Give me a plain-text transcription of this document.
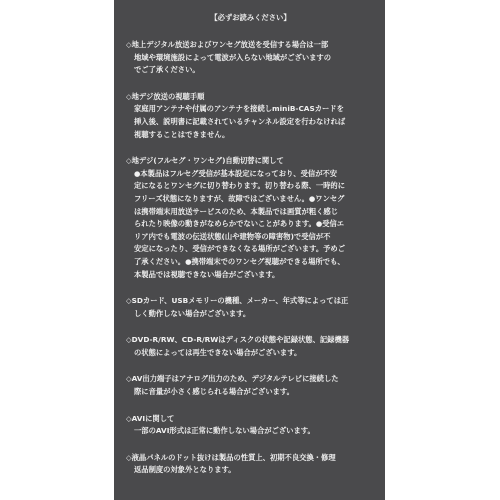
【必ずお読みください】
◇地上デジタル放送およびワンセグ放送を受信する場合は一部
地域や環境施設によって電波が入らない地域がございますの
でご了承ください。
◇地デジ放送の視聴手順
家庭用アンテナや付属のアンテナを接続しminiB-CASカードを
挿入後、説明書に記載されているチャンネル設定を行わなければ
視聴することはできません。
◇地デジ(フルセグ・ワンセグ)自動切替に関して
●本製品はフルセグ受信が基本設定になっており、受信が不安
定になるとワンセグに切り替わります。切り替わる際、一時的に
フリーズ状態になりますが、故障ではございません。●ワンセグ
は携帯端末用放送サービスのため、本製品では画質が粗く感じ
られたり映像の動きがなめらかでないことがあります。●受信エ
リア内でも電波の伝送状態(山や建物等の障害物)で受信が不
安定になったり、受信ができなくなる場所がございます。予めご
了承ください。●携帯端末でのワンセグ視聴ができる場所でも、
本製品では視聴できない場合がございます。
◇SDカード、USBメモリーの機種、メーカー、年式等によっては正
しく動作しない場合がございます。
◇DVD-R/RW、CD-R/RWはディスクの状態や記録状態、記録機器
の状態によっては再生できない場合がございます。
◇AV出力端子はアナログ出力のため、デジタルテレビに接続した
際に音量が小さく感じられる場合がございます。
◇AVIに関して
一部のAVI形式は正常に動作しない場合がございます。
◇液晶パネルのドット抜けは製品の性質上、初期不良交換・修理
返品制度の対象外となります。
